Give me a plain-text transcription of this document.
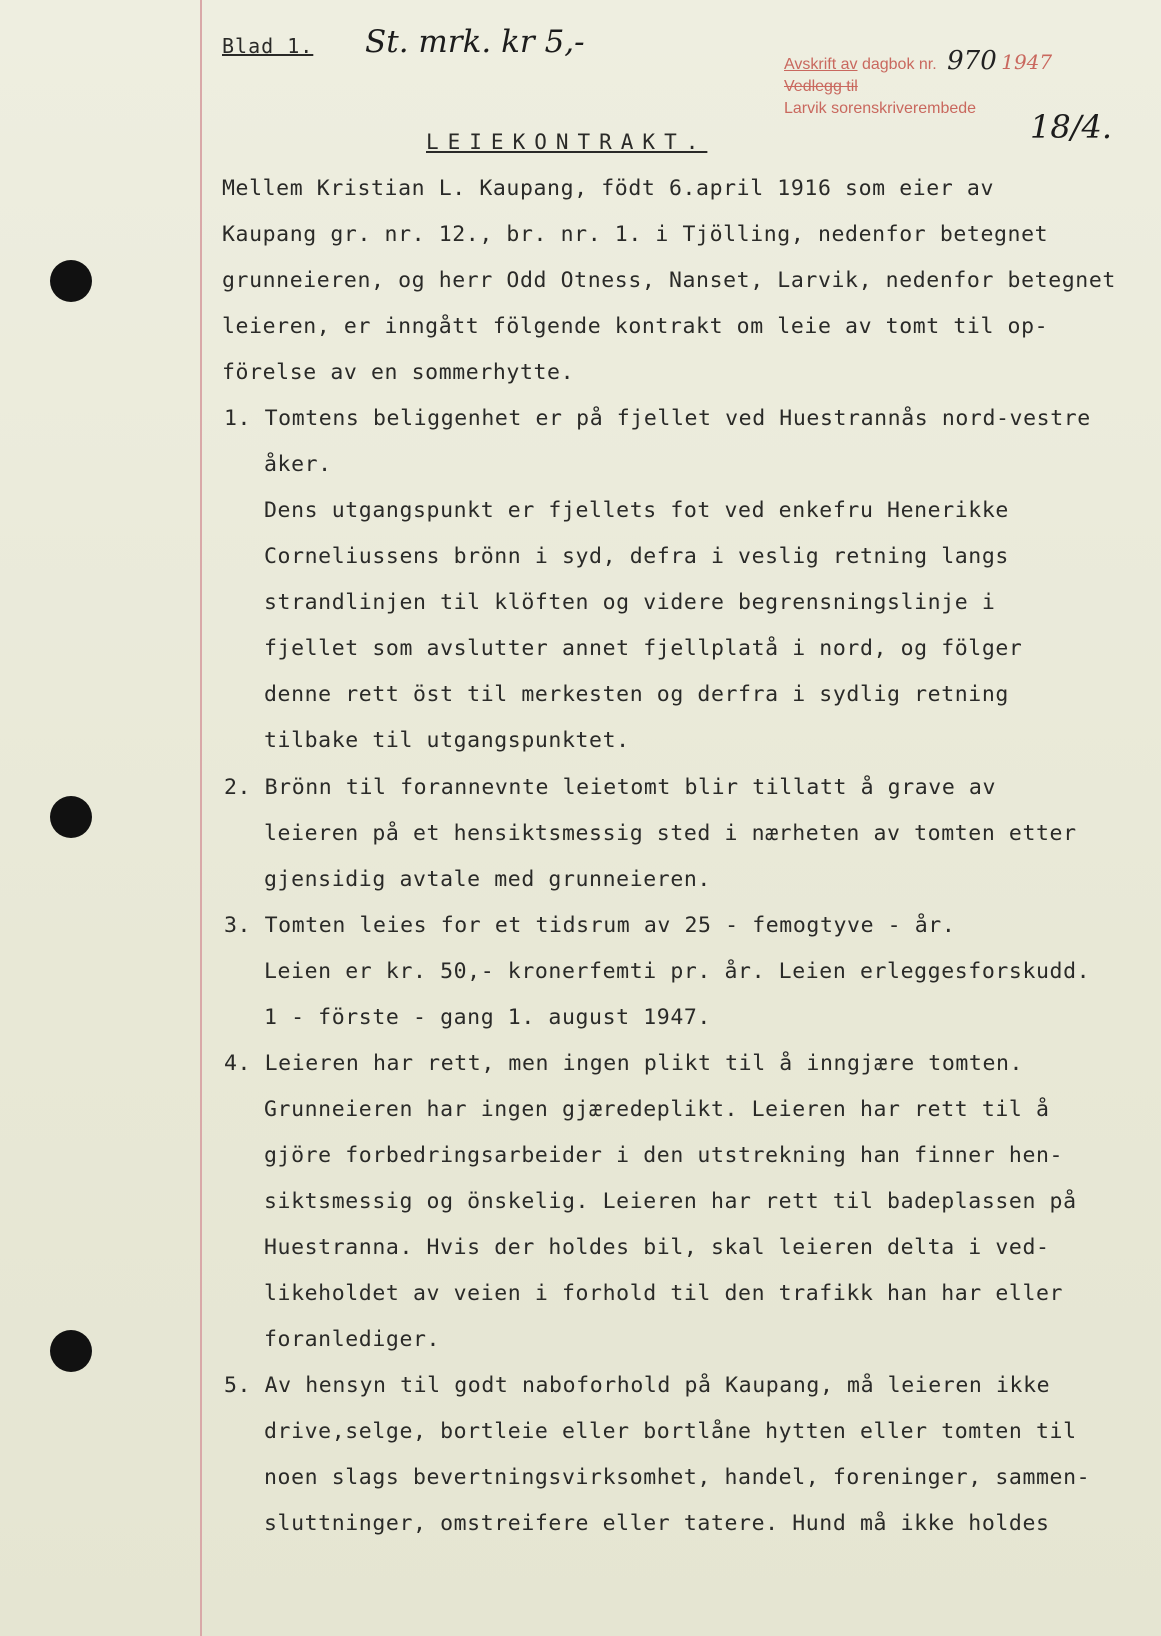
Blad 1. St. mrk. kr 5,-
Avskrift av dagbok nr. 970 1947
Vedlegg til
Larvik sorenskriverembede	18/4.
LEIEKONTRAKT.
Mellem Kristian L. Kaupang, födt 6.april 1916 som eier av
Kaupang gr. nr. 12., br. nr. 1. i Tjölling, nedenfor betegnet
grunneieren, og herr Odd Otness, Nanset, Larvik, nedenfor betegnet
leieren, er inngått fölgende kontrakt om leie av tomt til op-
förelse av en sommerhytte.
1. Tomtens beliggenhet er på fjellet ved Huestrannås nord-vestre
åker.
Dens utgangspunkt er fjellets fot ved enkefru Henerikke
Corneliussens brönn i syd, defra i veslig retning langs
strandlinjen til klöften og videre begrensningslinje i
fjellet som avslutter annet fjellplatå i nord, og fölger
denne rett öst til merkesten og derfra i sydlig retning
tilbake til utgangspunktet.
2. Brönn til forannevnte leietomt blir tillatt å grave av
leieren på et hensiktsmessig sted i nærheten av tomten etter
gjensidig avtale med grunneieren.
3. Tomten leies for et tidsrum av 25 - femogtyve - år.
Leien er kr. 50,- kronerfemti pr. år. Leien erleggesforskudd.
1 - förste - gang 1. august 1947.
4. Leieren har rett, men ingen plikt til å inngjære tomten.
Grunneieren har ingen gjæredeplikt. Leieren har rett til å
gjöre forbedringsarbeider i den utstrekning han finner hen-
siktsmessig og önskelig. Leieren har rett til badeplassen på
Huestranna. Hvis der holdes bil, skal leieren delta i ved-
likeholdet av veien i forhold til den trafikk han har eller
foranlediger.
5. Av hensyn til godt naboforhold på Kaupang, må leieren ikke
drive,selge, bortleie eller bortlåne hytten eller tomten til
noen slags bevertningsvirksomhet, handel, foreninger, sammen-
sluttninger, omstreifere eller tatere. Hund må ikke holdes
